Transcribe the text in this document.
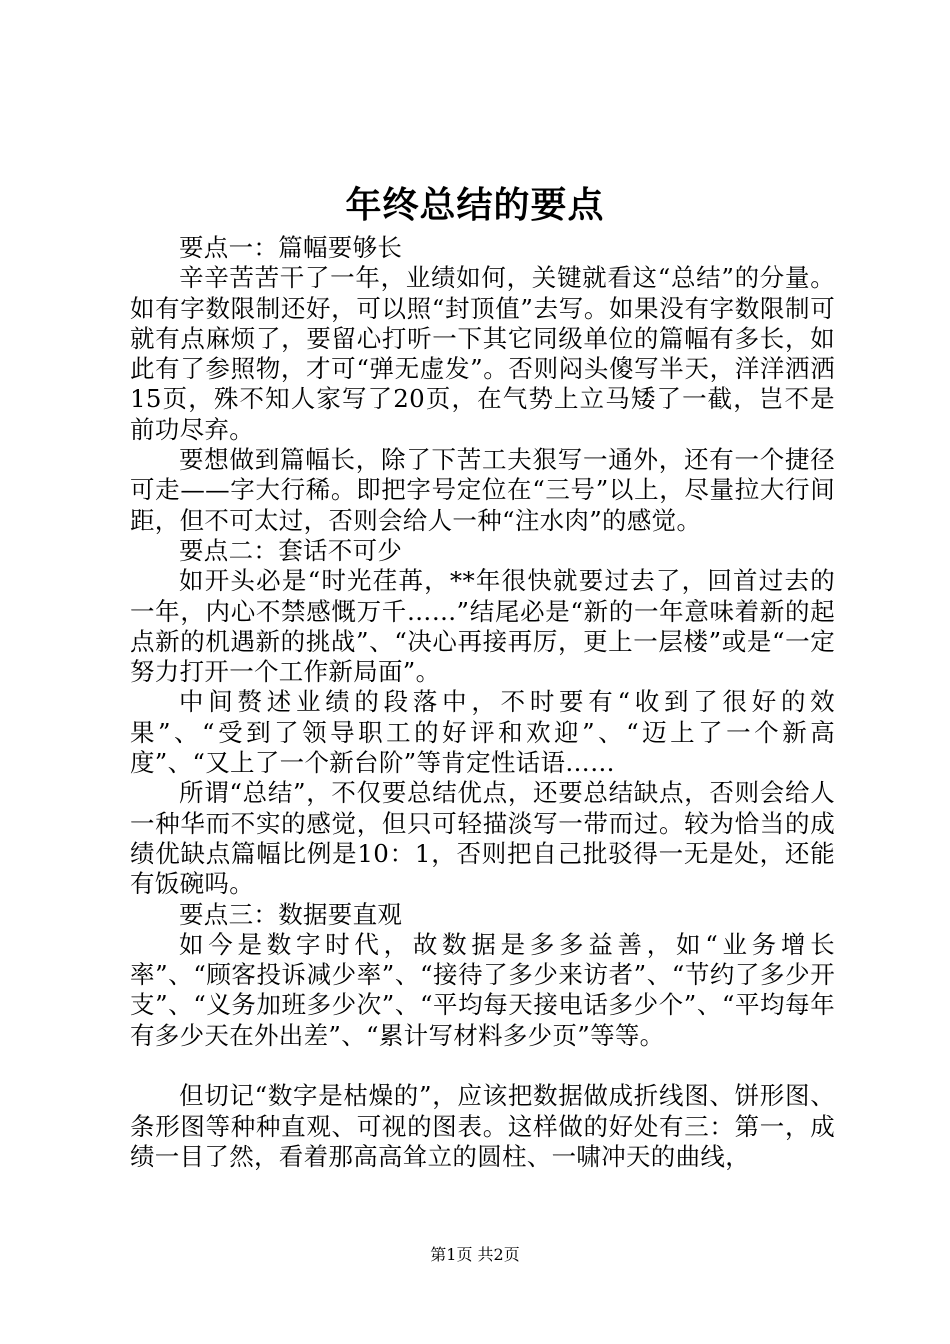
年终总结的要点

要点一：篇幅要够长

辛辛苦苦干了一年，业绩如何，关键就看这“总结”的分量。如有字数限制还好，可以照“封顶值”去写。如果没有字数限制可就有点麻烦了，要留心打听一下其它同级单位的篇幅有多长，如此有了参照物，才可“弹无虚发”。否则闷头傻写半天，洋洋洒洒15页，殊不知人家写了20页，在气势上立马矮了一截，岂不是前功尽弃。

要想做到篇幅长，除了下苦工夫狠写一通外，还有一个捷径可走——字大行稀。即把字号定位在“三号”以上，尽量拉大行间距，但不可太过，否则会给人一种“注水肉”的感觉。

要点二：套话不可少

如开头必是“时光荏苒，**年很快就要过去了，回首过去的一年，内心不禁感慨万千……”结尾必是“新的一年意味着新的起点新的机遇新的挑战”、“决心再接再厉，更上一层楼”或是“一定努力打开一个工作新局面”。

中间赘述业绩的段落中，不时要有“收到了很好的效果”、“受到了领导职工的好评和欢迎”、“迈上了一个新高度”、“又上了一个新台阶”等肯定性话语……

所谓“总结”，不仅要总结优点，还要总结缺点，否则会给人一种华而不实的感觉，但只可轻描淡写一带而过。较为恰当的成绩优缺点篇幅比例是10：1，否则把自己批驳得一无是处，还能有饭碗吗。

要点三：数据要直观

如今是数字时代，故数据是多多益善，如“业务增长率”、“顾客投诉减少率”、“接待了多少来访者”、“节约了多少开支”、“义务加班多少次”、“平均每天接电话多少个”、“平均每年有多少天在外出差”、“累计写材料多少页”等等。

但切记“数字是枯燥的”，应该把数据做成折线图、饼形图、条形图等种种直观、可视的图表。这样做的好处有三：第一，成绩一目了然，看着那高高耸立的圆柱、一啸冲天的曲线，

第1页 共2页
